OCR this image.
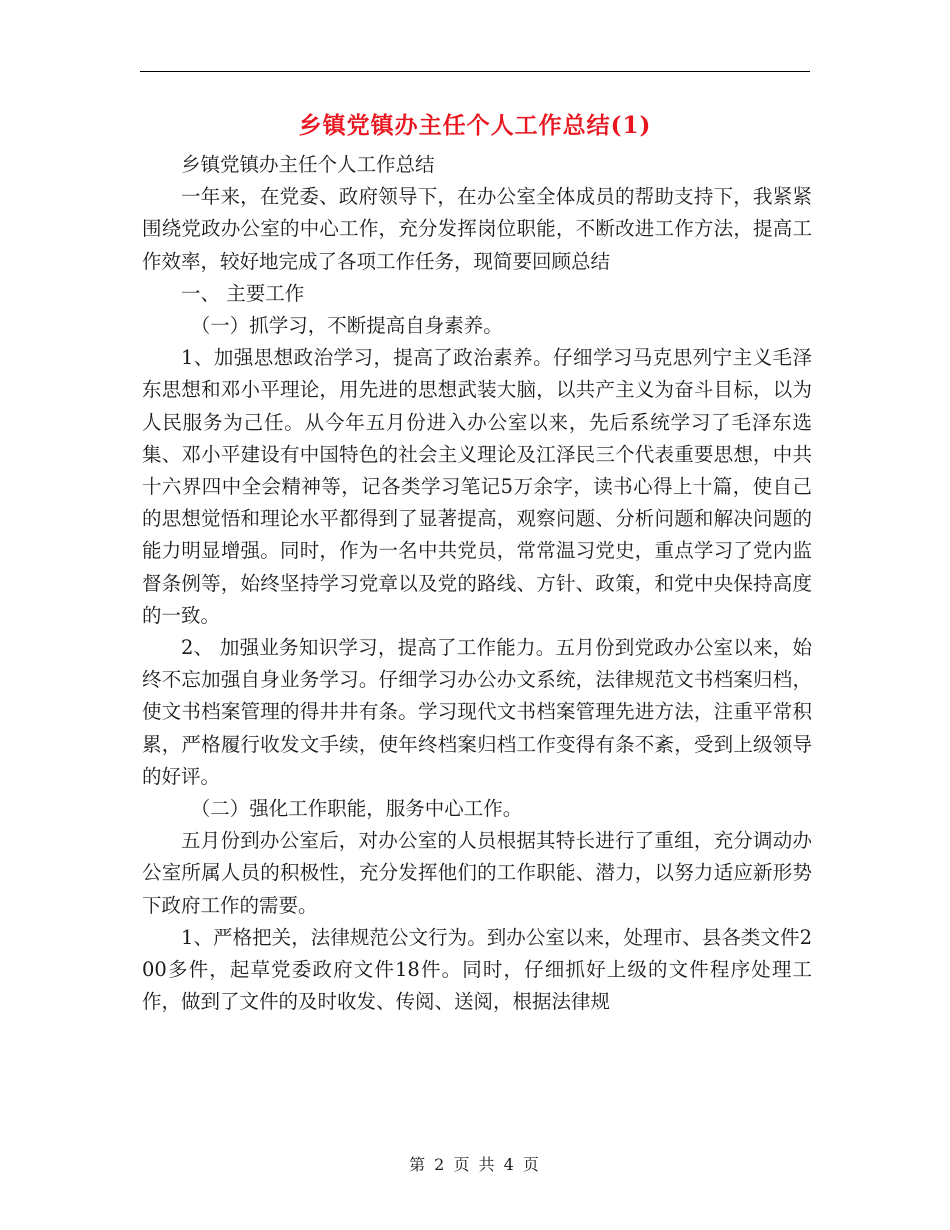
乡镇党镇办主任个人工作总结(1)

乡镇党镇办主任个人工作总结

一年来，在党委、政府领导下，在办公室全体成员的帮助支持下，我紧紧围绕党政办公室的中心工作，充分发挥岗位职能，不断改进工作方法，提高工作效率，较好地完成了各项工作任务，现简要回顾总结

一、 主要工作

（一）抓学习，不断提高自身素养。

1、加强思想政治学习，提高了政治素养。仔细学习马克思列宁主义毛泽东思想和邓小平理论，用先进的思想武装大脑，以共产主义为奋斗目标，以为人民服务为己任。从今年五月份进入办公室以来，先后系统学习了毛泽东选集、邓小平建设有中国特色的社会主义理论及江泽民三个代表重要思想，中共十六界四中全会精神等，记各类学习笔记5万余字，读书心得上十篇，使自己的思想觉悟和理论水平都得到了显著提高，观察问题、分析问题和解决问题的能力明显增强。同时，作为一名中共党员，常常温习党史，重点学习了党内监督条例等，始终坚持学习党章以及党的路线、方针、政策，和党中央保持高度的一致。

2、 加强业务知识学习，提高了工作能力。五月份到党政办公室以来，始终不忘加强自身业务学习。仔细学习办公办文系统，法律规范文书档案归档，使文书档案管理的得井井有条。学习现代文书档案管理先进方法，注重平常积累，严格履行收发文手续，使年终档案归档工作变得有条不紊，受到上级领导的好评。

（二）强化工作职能，服务中心工作。

五月份到办公室后，对办公室的人员根据其特长进行了重组，充分调动办公室所属人员的积极性，充分发挥他们的工作职能、潜力，以努力适应新形势下政府工作的需要。

1、严格把关，法律规范公文行为。到办公室以来，处理市、县各类文件200多件，起草党委政府文件18件。同时，仔细抓好上级的文件程序处理工作，做到了文件的及时收发、传阅、送阅，根据法律规

第 2 页 共 4 页
